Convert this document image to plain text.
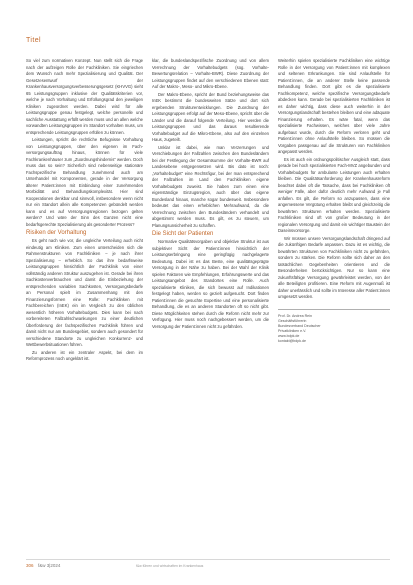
Titel

So viel zum normativen Konzept. Nun stellt sich die Frage nach der aufzeigen Rolle der Fachkliniken. Sie eingriechen dem Wunsch nach mehr Spezialisierung und Qualität. Der Gesetzesentwurf der Krankenhausversorgungsverbesserungsgesetz (KHVVG) sieht 65 Leistungsgruppen inklusive der Qualitätskriterien vor, welche je nach Vorhaltung und Erfüllungsgrad den jeweiligen Kliniken zugeordnet werden. Dabei wird für alle Leistungsgruppe genau festgelegt, welche personelle und sachliche Ausstattung erfüllt werden muss und an allen welche vorwandten Leistungsgruppen im Standort vorhalten muss, um entsprechende Leistungsgruppen erfüllen zu können.

Leistungen, spricht die rechtliche Befugnisse Vorhaltung von Leistungsgruppen, über den eigenen im Fach-versorgungsauftrag hinaus, können für viele Fachkrankenhäuser zum „Zuordnungshindernis“ werden. Doch muss das so sein? Sicherlich sind nebenseitige stationäre Fachspezifische Behandlung zunehmend auch am Unterhandel mit Komponenten, gerade in der Versorgung älterer Patient:innen mit Einbindung einer zunehmenden Morbidität und Behandlungskomplexität. Hier sind Kooperationen denkbar und sinnvoll, insbesondere wenn nicht nur ein Standort allein alle Kompetenzen gebündelt werden kann und es auf Versorgungsregionen bezogen gelten werden? Und wäre der Sinn des Ganzen nicht eine bedarfsgerechte Spezialisierung als gesonderter Prozess?

Risiken der Vorhaltung

Es geht nach wie vor, die ungleiche Verteilung auch nicht eindeutig am Kliniken. Zum einen unterscheiden sich die Rahmenstrukturen von Fachkliniken – je nach ihrer Spezialisierung – erheblich. So das ihre bedarfsweise Leistungsgruppen hinsichtlich der Fachklinik von einer vollständig anderen Struktur auszugehen ist. Gerade bei ihren Sachkostenverbrauchen und damit die Einbeziehung der entsprechenden variablen Sachkosten, Versorgungsbedarfe an Personal spielt im Zusammenhang mit den Finanzierungsformen eine Rolle: Fachklinken mit Fachbereichen (InEK) ein im Vergleich zu den üblichen wesentlich höheren Vorhaltebudgets. Dies kann bei nach vorbereiteten Fallzahlschwankungen zu einer deutlichen Überforderung der fachspezifischen Fachklinik führen und damit nicht nur am Bundesgebiet, sondern auch gesondert für verschiedene Standorte zu ungleichen Konkurrenz- und Wettbewerbsituationen führen.

Zu anderen ist ein zentraler Aspekt, bei dem im Reformprozess noch ungeklärt ist.

klar, die bundeslandspezifische Zuordnung und von allem Verrechnung der Vorhaltebudgets (sog. Vorhalte-Bewertungsrelation – Vorhalte-BWR). Diese Zuordnung der Leistungsgruppen findet auf den verschiedenen Ebenen statt: Auf der Makro-, Meso- und Mikro-Ebene.

Der Makro-Ebene, spricht der Bund beziehungsweise das InEK bestimmt die bundesweiten Sätze und dort sich ergebenden Strukturentwicklungen. Die Zuordnung der Leistungsgruppen erfolgt auf der Meso-Ebene, spricht über die Länder und die darauf folgende Verteilung. Hier werden die Leistungsgruppen und das daraus resultierende Vorhaltebudget auf die Mikro-Ebene, also auf den einzelnen Haus, zugeteilt.

Unklar ist dabei, wie man Verzerrungen und Verschiebungen der Fallzahlen zwischen den Bundesländern bei der Festlegung der Gesamtsumme der Vorhalte-BWR auf Landesebene entgegensetzen wird. Bis dato ist noch: „Vorhaltebudget“ eine Rechtsfigur, bei der man entsprechend der Fallzahlen im Land den Fachkliniken eigene Vorhaltebudgets zuweist. Sie haben zum einen eine eigenständige Einzugsregion, auch über das eigene Bundesland hinaus, manche sogar bundesweit. Insbesondere bedeutet das einen erheblichen Mehraufwand, da die Verrechnung zwischen den Bundesländern verhandelt und abgestimmt werden muss. Es gilt, es zu steuern, um Planungsunsicherheit zu schaffen.

Die Sicht der Patienten

Normative Qualitätsvorgaben und objektive Struktur ist aus subjektiver Sicht der Patient:innen hinsichtlich der Leistungserbringung eine geringfügig nachgelagerte Bedeutung. Dabei ist es das Beste, eine qualitätsgeprägte Versorgung in der Nähe zu haben. Bei der Wahl der Klinik spielen Faktoren wie Empfehlungen, Erfahrungswerte und das Leistungsangebot des Standortes eine Rolle. Auch spezialisierte Kliniken, die sich bewusst auf Indikationen festgelegt haben, werden so gezielt aufgesucht. Dort finden Patient:innen die gesuchte Expertise und eine personalisierte Behandlung, die es an anderen Standorten oft so nicht gibt. Diese Möglichkeiten stehen durch die Reform nicht mehr zur Verfügung. Hier muss noch nachgebessert werden, um die Versorgung der Patient:innen nicht zu gefährden.

Weiterhin spielen spezialisierte Fachkliniken eine wichtige Rolle in der Versorgung von Patient:innen mit komplexen und seltenen Erkrankungen. Sie sind Anlaufstelle für Patient:innen, die an anderer Stelle keine passende Behandlung finden. Dort gibt es die spezialisierte Fachkompetenz, welche spezifische Versorgungsbedarfe abdecken kann. Gerade bei spezialisierten Fachkliniken ist es daher wichtig, dass diese auch weiterhin in der Versorgungslandschaft bestehen bleiben und eine adäquate Finanzierung erhalten. Es wäre fatal, wenn das spezialisierte Fachwissen, welches über viele Jahre aufgebaut wurde, durch die Reform verloren geht und Patient:innen ohne Anlaufstelle bleiben. So müssen die Vorgaben passgenau auf die Strukturen von Fachkliniken angepasst werden.

Es ist auch ein ordnungspolitischer Ausgleich statt, dass gerade bei hoch spezialisierten Fach-MVZ angebunden und Vorhaltebudgets für ambulante Leistungen auch erhalten bleiben. Die Qualitätsanforderung der Krankenhausreform beachtet dabei oft die Tatsache, dass bei Fachkliniken oft weniger Fälle, aber dafür deutlich mehr Aufwand je Fall anfallen. Es gilt, die Reform so anzupassen, dass eine angemessene Vergütung erhalten bleibt und gleichzeitig die bewährten Strukturen erhalten werden. Spezialisierte Fachkliniken sind oft von großer Bedeutung in der regionalen Versorgung und damit ein wichtiger Baustein der Daseinsvorsorge.

Wir müssen unsere Versorgungslandschaft dringend auf die zukünftigen Bedarfe anpassen. Dazu ist es wichtig, die bewährten Strukturen von Fachkliniken nicht zu gefährden, sondern zu stärken. Die Reform sollte sich daher an den tatsächlichen Gegebenheiten orientieren und die Besonderheiten berücksichtigen. Nur so kann eine zukunftsfähige Versorgung gewährleistet werden, von der alle Beteiligten profitieren. Eine Reform mit Augenmaß ist daher unerlässlich und sollte im Interesse aller Patient:innen umgesetzt werden.

Prof. Dr. Andrea Rein
Geschäftsführerin
Bundesverband Deutscher
Privatkliniken e.V.
www.bdpk.de
kontakt@bdpk.de
306 f&w 3|2024	f&w führen und wirtschaften im Krankenhaus
